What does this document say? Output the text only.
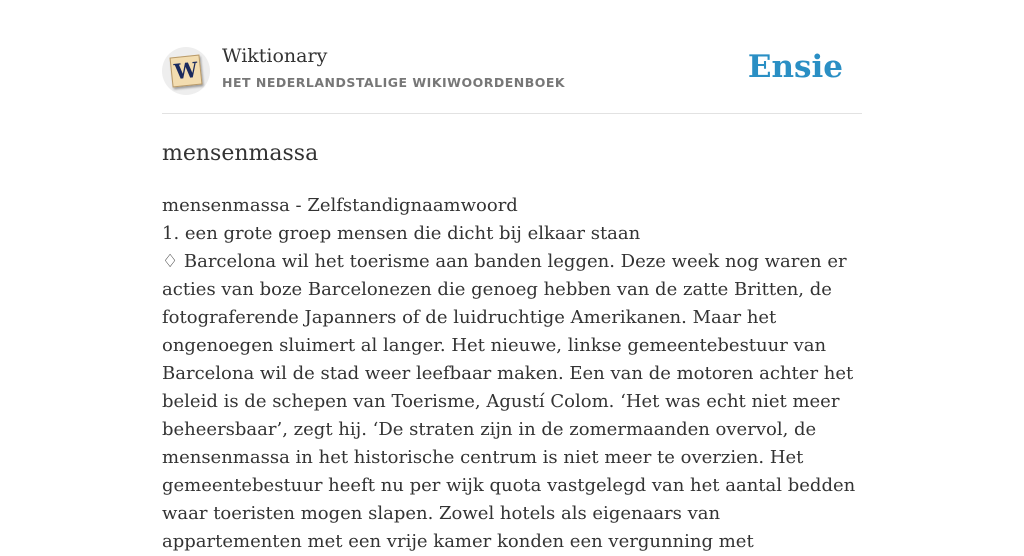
W
Wiktionary
HET NEDERLANDSTALIGE WIKIWOORDENBOEK	Ensie
mensenmassa

mensenmassa - Zelfstandignaamwoord

1. een grote groep mensen die dicht bij elkaar staan

♢ Barcelona wil het toerisme aan banden leggen. Deze week nog waren er acties van boze Barcelonezen die genoeg hebben van de zatte Britten, de fotograferende Japanners of de luidruchtige Amerikanen. Maar het ongenoegen sluimert al langer. Het nieuwe, linkse gemeentebestuur van Barcelona wil de stad weer leefbaar maken. Een van de motoren achter het beleid is de schepen van Toerisme, Agustí Colom. ‘Het was echt niet meer beheersbaar’, zegt hij. ‘De straten zijn in de zomermaanden overvol, de mensenmassa in het historische centrum is niet meer te overzien. Het gemeentebestuur heeft nu per wijk quota vastgelegd van het aantal bedden waar toeristen mogen slapen. Zowel hotels als eigenaars van appartementen met een vrije kamer konden een vergunning met
